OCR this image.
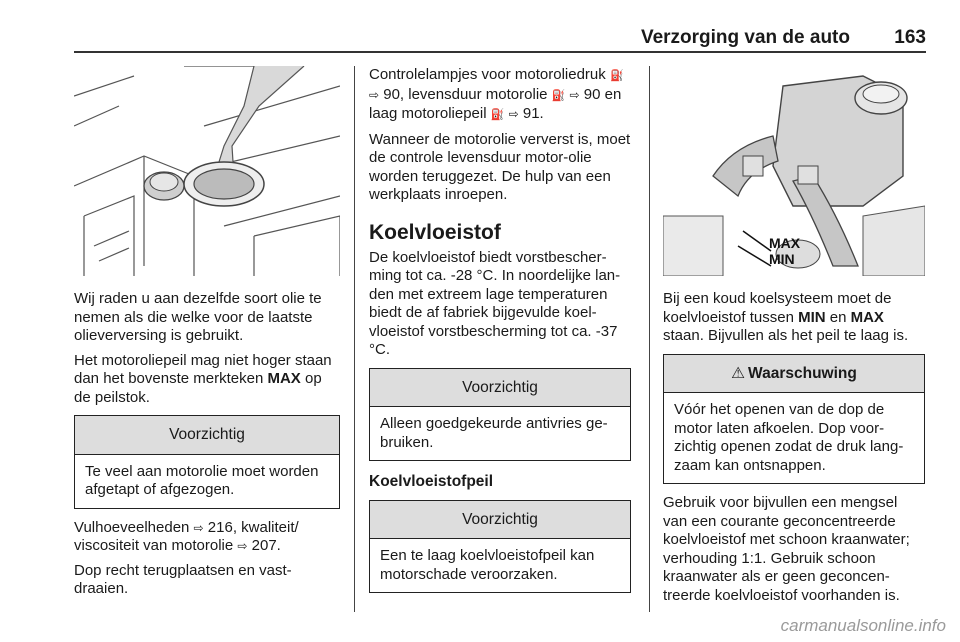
Verzorging van de auto 163

Wij raden u aan dezelfde soort olie te nemen als die welke voor de laatste olieverversing is gebruikt.

Het motoroliepeil mag niet hoger staan dan het bovenste merkteken MAX op de peilstok.

Voorzichtig
Te veel aan motorolie moet worden afgetapt of afgezogen.

Vulhoeveelheden ⇨ 216, kwaliteit/ viscositeit van motorolie ⇨ 207.

Dop recht terugplaatsen en vast-draaien.

Controlelampjes voor motoroliedruk ⛽ ⇨ 90, levensduur motorolie ⛽ ⇨ 90 en laag motoroliepeil ⛽ ⇨ 91.

Wanneer de motorolie ververst is, moet de controle levensduur motor-olie worden teruggezet. De hulp van een werkplaats inroepen.

Koelvloeistof

De koelvloeistof biedt vorstbescher-ming tot ca. -28 °C. In noordelijke lan-den met extreem lage temperaturen biedt de af fabriek bijgevulde koel-vloeistof vorstbescherming tot ca. -37 °C.

Voorzichtig
Alleen goedgekeurde antivries ge-bruiken.
Koelvloeistofpeil
Voorzichtig
Een te laag koelvloeistofpeil kan motorschade veroorzaken.
MAX
MIN

Bij een koud koelsysteem moet de koelvloeistof tussen MIN en MAX staan. Bijvullen als het peil te laag is.

⚠ Waarschuwing
Vóór het openen van de dop de motor laten afkoelen. Dop voor-zichtig openen zodat de druk lang-zaam kan ontsnappen.

Gebruik voor bijvullen een mengsel van een courante geconcentreerde koelvloeistof met schoon kraanwater; verhouding 1:1. Gebruik schoon kraanwater als er geen geconcen-treerde koelvloeistof voorhanden is.

carmanualsonline.info
